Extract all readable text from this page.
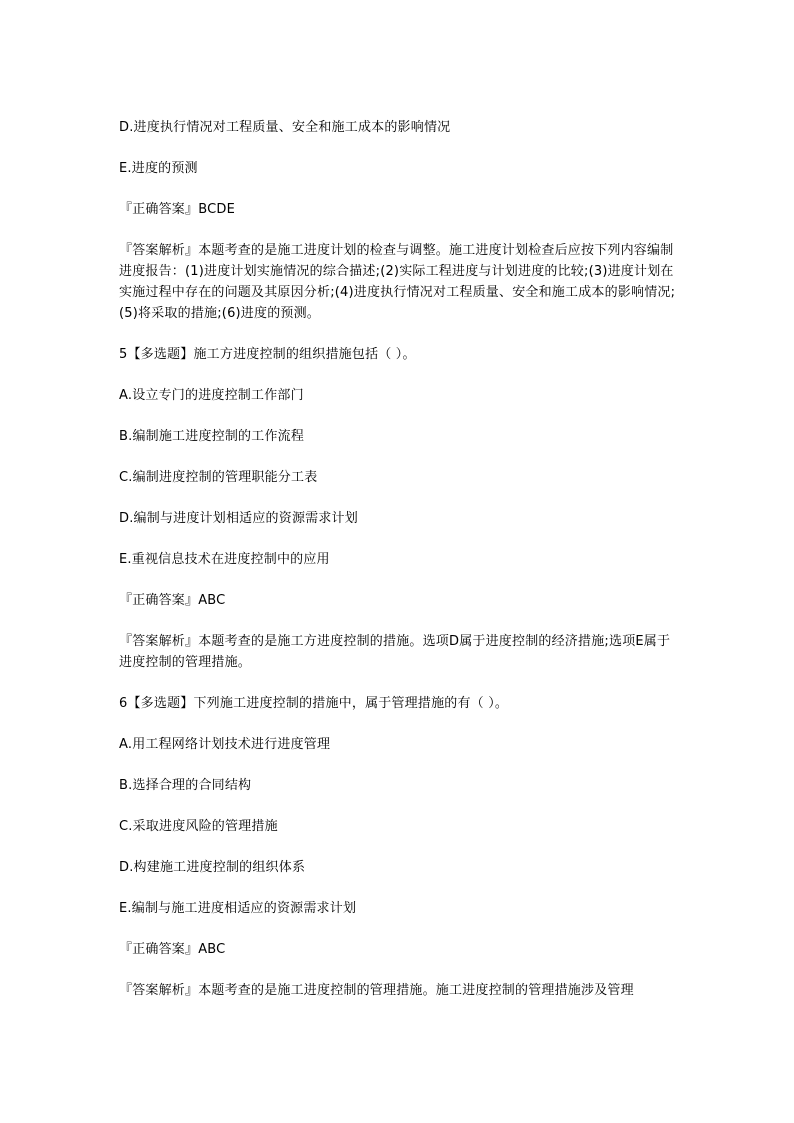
D.进度执行情况对工程质量、安全和施工成本的影响情况

E.进度的预测

『正确答案』BCDE

『答案解析』本题考查的是施工进度计划的检查与调整。施工进度计划检查后应按下列内容编制进度报告：(1)进度计划实施情况的综合描述;(2)实际工程进度与计划进度的比较;(3)进度计划在实施过程中存在的问题及其原因分析;(4)进度执行情况对工程质量、安全和施工成本的影响情况;(5)将采取的措施;(6)进度的预测。

5【多选题】施工方进度控制的组织措施包括（ ）。

A.设立专门的进度控制工作部门

B.编制施工进度控制的工作流程

C.编制进度控制的管理职能分工表

D.编制与进度计划相适应的资源需求计划

E.重视信息技术在进度控制中的应用

『正确答案』ABC

『答案解析』本题考查的是施工方进度控制的措施。选项D属于进度控制的经济措施;选项E属于进度控制的管理措施。

6【多选题】下列施工进度控制的措施中，属于管理措施的有（ ）。

A.用工程网络计划技术进行进度管理

B.选择合理的合同结构

C.采取进度风险的管理措施

D.构建施工进度控制的组织体系

E.编制与施工进度相适应的资源需求计划

『正确答案』ABC

『答案解析』本题考查的是施工进度控制的管理措施。施工进度控制的管理措施涉及管理
